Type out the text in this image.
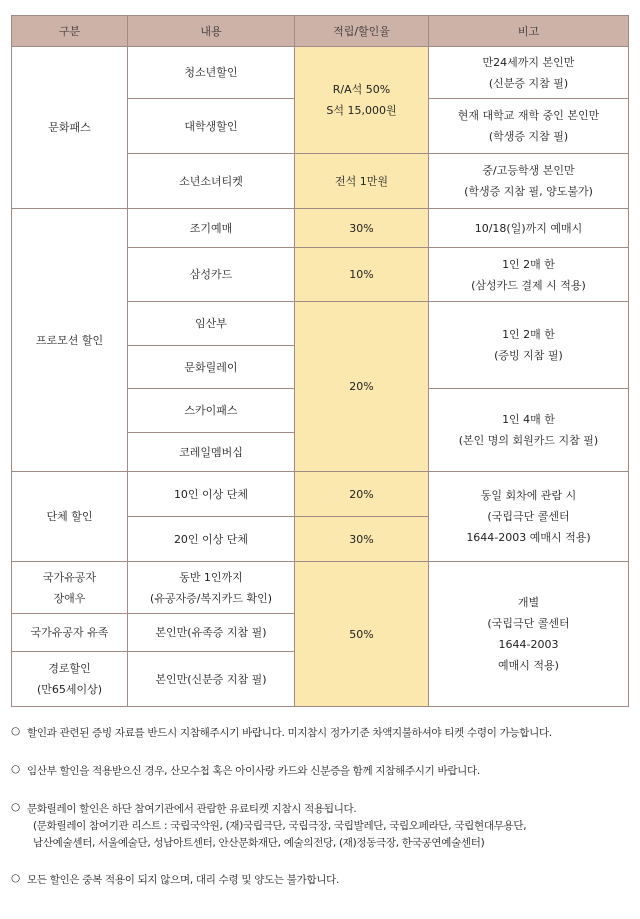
구분	내용	적립/할인율	비고
문화패스	청소년할인	R/A석 50%
S석 15,000원	만24세까지 본인만
(신분증 지참 필)

	대학생할인		현재 대학교 재학 중인 본인만
(학생증 지참 필)

	소년소녀티켓	전석 1만원	중/고등학생 본인만
(학생증 지참 필, 양도불가)

프로모션 할인	조기예매	30%	10/18(일)까지 예매시
	삼성카드	10%	1인 2매 한
(삼성카드 결제 시 적용)

	임산부	20%	1인 2매 한
(증빙 지참 필)

	문화릴레이		
	스카이패스		1인 4매 한
(본인 명의 회원카드 지참 필)

	코레일멤버십		
단체 할인	10인 이상 단체	20%	동일 회차에 관람 시
(국립극단 콜센터
1644-2003 예매시 적용)

	20인 이상 단체	30%	

국가유공자
장애우	동반 1인까지
(유공자증/복지카드 확인)	50%	개별
(국립극단 콜센터
1644-2003
예매시 적용)

국가유공자 유족	본인만(유족증 지참 필)		

경로할인
(만65세이상)	본인만(신분증 지참 필)		
○ 할인과 관련된 증빙 자료를 반드시 지참해주시기 바랍니다. 미지참시 정가기준 차액지불하셔야 티켓 수령이 가능합니다.

○ 임산부 할인을 적용받으신 경우, 산모수첩 혹은 아이사랑 카드와 신분증을 함께 지참해주시기 바랍니다.

○ 문화릴레이 할인은 하단 참여기관에서 관람한 유료티켓 지참시 적용됩니다.

(문화릴레이 참여기관 리스트 : 국립국악원, (재)국립극단, 국립극장, 국립발레단, 국립오페라단, 국립현대무용단,

남산예술센터, 서울예술단, 성남아트센터, 안산문화재단, 예술의전당, (재)정동극장, 한국공연예술센터)

○ 모든 할인은 중복 적용이 되지 않으며, 대리 수령 및 양도는 불가합니다.
